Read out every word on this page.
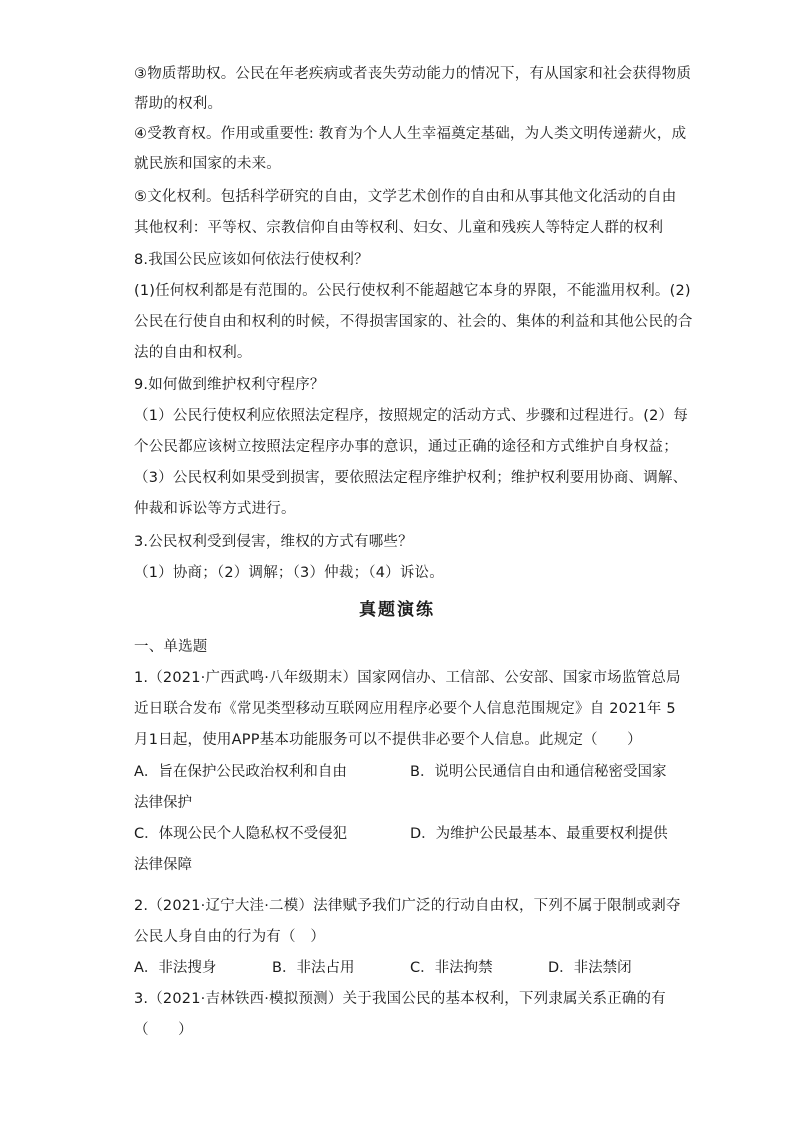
③物质帮助权。公民在年老疾病或者丧失劳动能力的情况下，有从国家和社会获得物质
帮助的权利。
④受教育权。作用或重要性: 教育为个人人生幸福奠定基础，为人类文明传递薪火，成
就民族和国家的未来。
⑤文化权利。包括科学研究的自由，文学艺术创作的自由和从事其他文化活动的自由
其他权利：平等权、宗教信仰自由等权利、妇女、儿童和残疾人等特定人群的权利
8.我国公民应该如何依法行使权利？
(1)任何权利都是有范围的。公民行使权利不能超越它本身的界限，不能滥用权利。(2)
公民在行使自由和权利的时候，不得损害国家的、社会的、集体的利益和其他公民的合
法的自由和权利。
9.如何做到维护权利守程序？
（1）公民行使权利应依照法定程序，按照规定的活动方式、步骤和过程进行。(2）每
个公民都应该树立按照法定程序办事的意识，通过正确的途径和方式维护自身权益；
（3）公民权利如果受到损害，要依照法定程序维护权利；维护权利要用协商、调解、
仲裁和诉讼等方式进行。
3.公民权利受到侵害，维权的方式有哪些？
（1）协商；（2）调解；（3）仲裁；（4）诉讼。
真题演练
一、单选题
1.（2021·广西武鸣·八年级期末）国家网信办、工信部、公安部、国家市场监管总局
近日联合发布《常见类型移动互联网应用程序必要个人信息范围规定》自 2021年 5
月1日起，使用APP基本功能服务可以不提供非必要个人信息。此规定（　　）
A．旨在保护公民政治权利和自由	B．说明公民通信自由和通信秘密受国家
法律保护
C．体现公民个人隐私权不受侵犯	D．为维护公民最基本、最重要权利提供
法律保障
2.（2021·辽宁大洼·二模）法律赋予我们广泛的行动自由权，下列不属于限制或剥夺
公民人身自由的行为有（　）
A．非法搜身	B．非法占用	C．非法拘禁	D．非法禁闭
3.（2021·吉林铁西·模拟预测）关于我国公民的基本权利，下列隶属关系正确的有
（　　）
